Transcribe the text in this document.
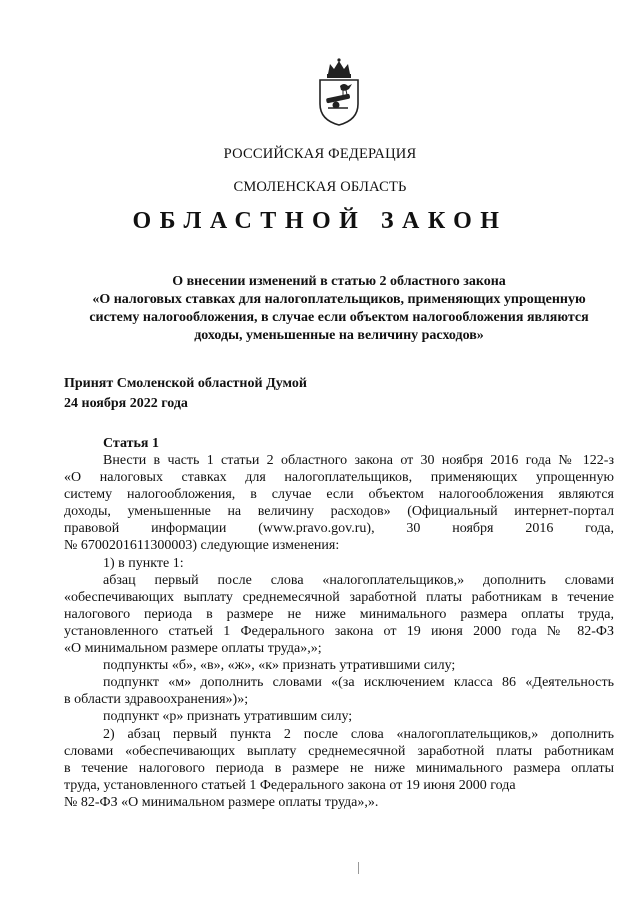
РОССИЙСКАЯ ФЕДЕРАЦИЯ
СМОЛЕНСКАЯ ОБЛАСТЬ
ОБЛАСТНОЙ ЗАКОН
О внесении изменений в статью 2 областного закона
«О налоговых ставках для налогоплательщиков, применяющих упрощенную
систему налогообложения, в случае если объектом налогообложения являются
доходы, уменьшенные на величину расходов»
Принят Смоленской областной Думой
24 ноября 2022 года
Статья 1
Внести в часть 1 статьи 2 областного закона от 30 ноября 2016 года № 122-з
«О налоговых ставках для налогоплательщиков, применяющих упрощенную
систему налогообложения, в случае если объектом налогообложения являются
доходы, уменьшенные на величину расходов» (Официальный интернет-портал
правовой информации (www.pravo.gov.ru), 30 ноября 2016 года,
№ 6700201611300003) следующие изменения:
1) в пункте 1:
абзац первый после слова «налогоплательщиков,» дополнить словами
«обеспечивающих выплату среднемесячной заработной платы работникам в течение
налогового периода в размере не ниже минимального размера оплаты труда,
установленного статьей 1 Федерального закона от 19 июня 2000 года № 82-ФЗ
«О минимальном размере оплаты труда»,»;
подпункты «б», «в», «ж», «к» признать утратившими силу;
подпункт «м» дополнить словами «(за исключением класса 86 «Деятельность
в области здравоохранения»)»;
подпункт «р» признать утратившим силу;
2) абзац первый пункта 2 после слова «налогоплательщиков,» дополнить
словами «обеспечивающих выплату среднемесячной заработной платы работникам
в течение налогового периода в размере не ниже минимального размера оплаты
труда, установленного статьей 1 Федерального закона от 19 июня 2000 года
№ 82-ФЗ «О минимальном размере оплаты труда»,».
